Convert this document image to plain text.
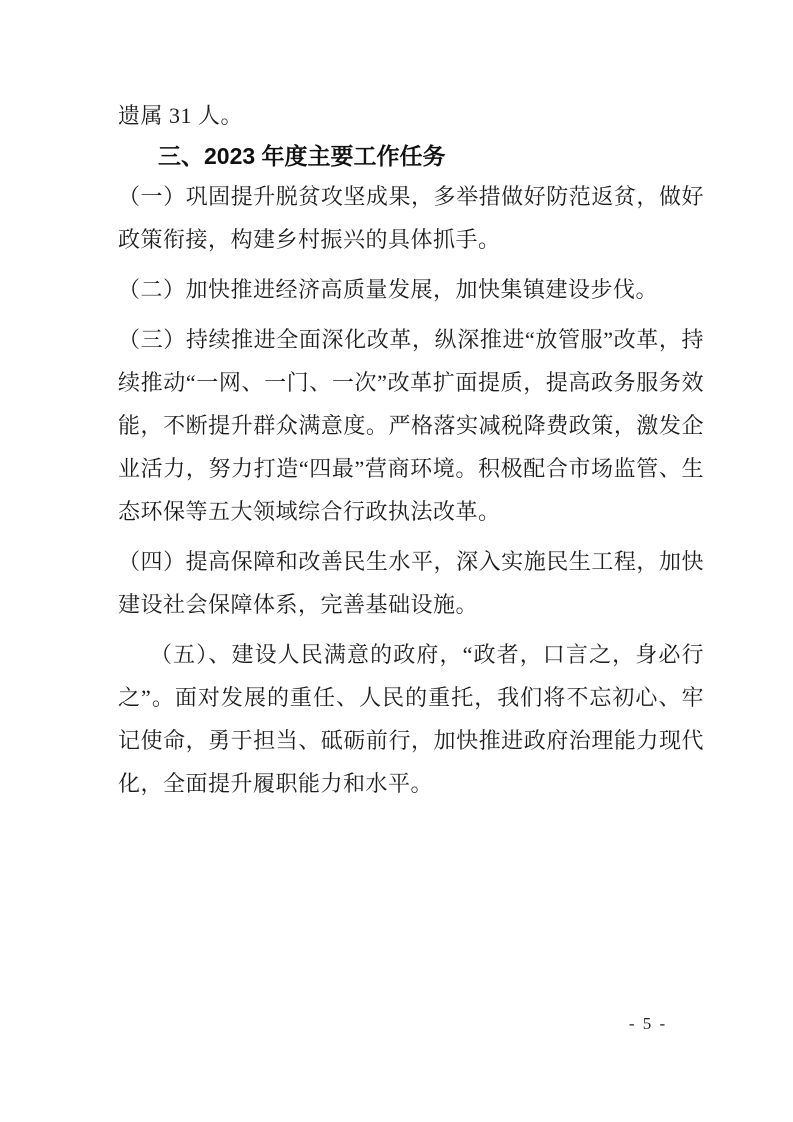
遗属 31 人。

三、2023 年度主要工作任务

（一）巩固提升脱贫攻坚成果，多举措做好防范返贫，做好政策衔接，构建乡村振兴的具体抓手。

（二）加快推进经济高质量发展，加快集镇建设步伐。

（三）持续推进全面深化改革，纵深推进“放管服”改革，持续推动“一网、一门、一次”改革扩面提质，提高政务服务效能，不断提升群众满意度。严格落实减税降费政策，激发企业活力，努力打造“四最”营商环境。积极配合市场监管、生态环保等五大领域综合行政执法改革。

（四）提高保障和改善民生水平，深入实施民生工程，加快建设社会保障体系，完善基础设施。

（五）、建设人民满意的政府，“政者，口言之，身必行之”。面对发展的重任、人民的重托，我们将不忘初心、牢记使命，勇于担当、砥砺前行，加快推进政府治理能力现代化，全面提升履职能力和水平。

- 5 -
